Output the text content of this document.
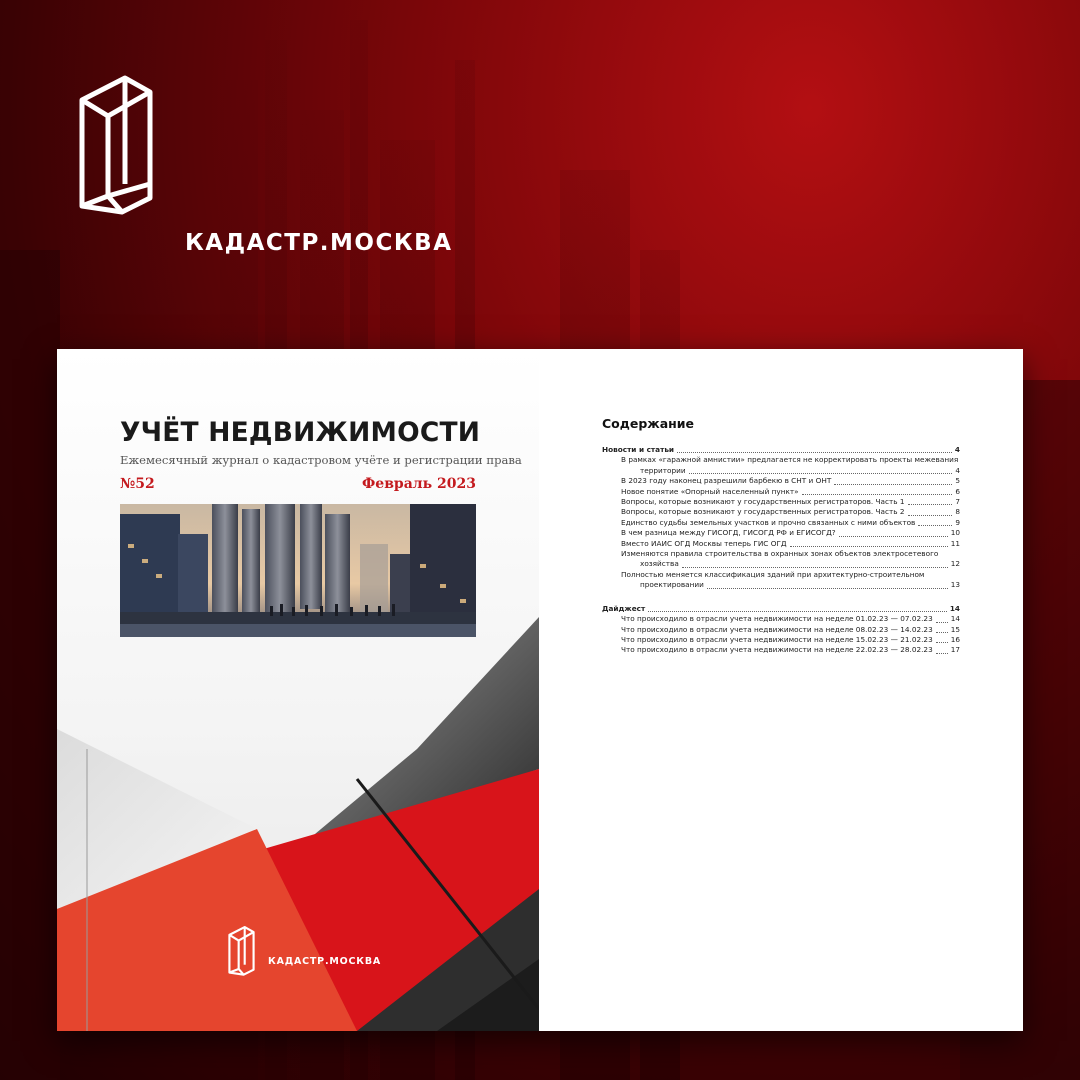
КАДАСТР.МОСКВА

УЧЁТ НЕДВИЖИМОСТИ

Ежемесячный журнал о кадастровом учёте и регистрации права

№52	Февраль 2023

КАДАСТР.МОСКВА

Содержание

Новости и статьи	4
В рамках «гаражной амнистии» предлагается не корректировать проекты межевания
территории	4
В 2023 году наконец разрешили барбекю в СНТ и ОНТ	5
Новое понятие «Опорный населенный пункт»	6
Вопросы, которые возникают у государственных регистраторов. Часть 1	7
Вопросы, которые возникают у государственных регистраторов. Часть 2	8
Единство судьбы земельных участков и прочно связанных с ними объектов	9
В чем разница между ГИСОГД, ГИСОГД РФ и ЕГИСОГД?	10
Вместо ИАИС ОГД Москвы теперь ГИС ОГД	11
Изменяются правила строительства в охранных зонах объектов электросетевого
хозяйства	12
Полностью меняется классификация зданий при архитектурно-строительном
проектировании	13
Дайджест	14
Что происходило в отрасли учета недвижимости на неделе 01.02.23 — 07.02.23 14
Что происходило в отрасли учета недвижимости на неделе 08.02.23 — 14.02.23 15
Что происходило в отрасли учета недвижимости на неделе 15.02.23 — 21.02.23 16
Что происходило в отрасли учета недвижимости на неделе 22.02.23 — 28.02.23 17
